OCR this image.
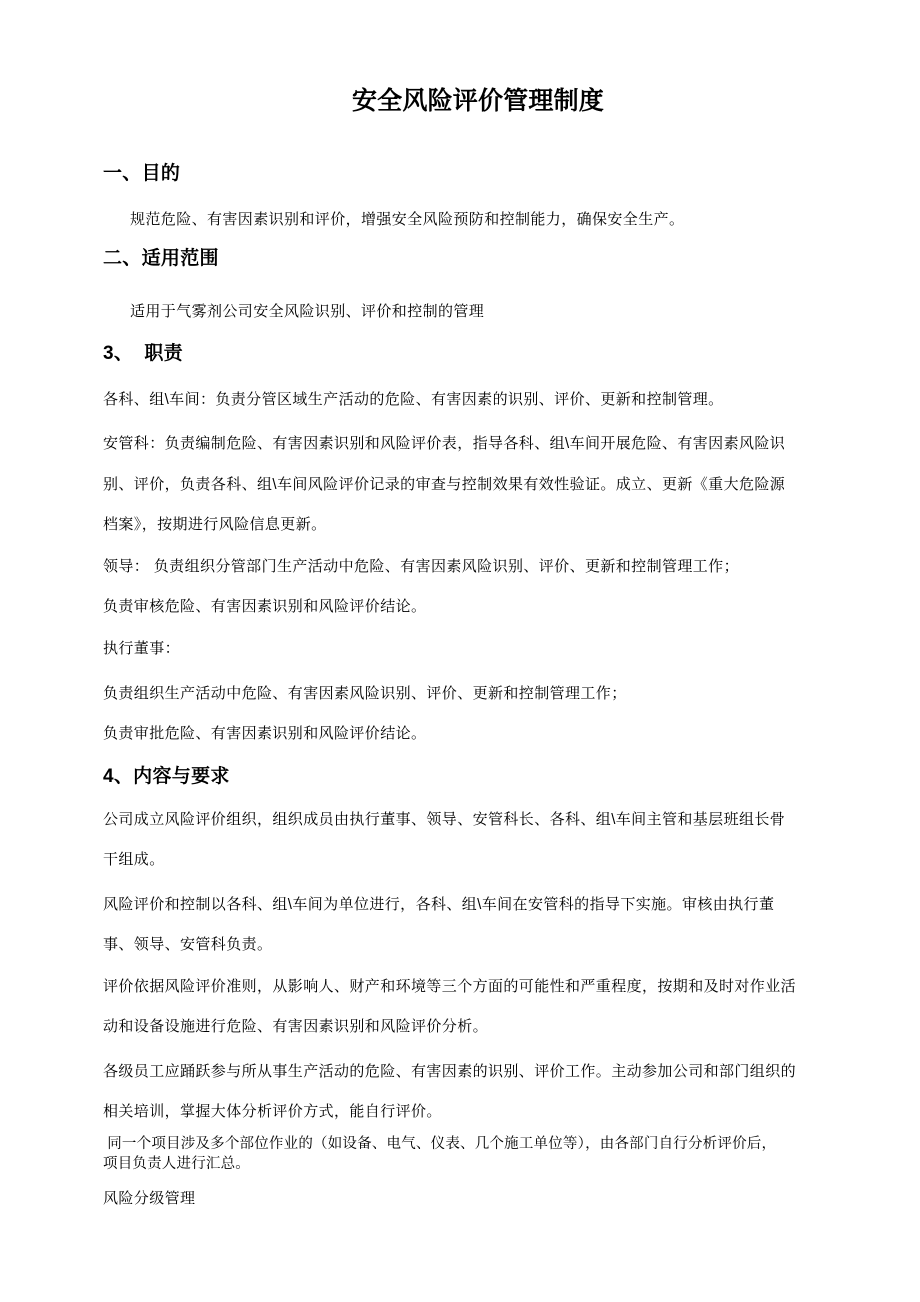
安全风险评价管理制度
一、目的
规范危险、有害因素识别和评价，增强安全风险预防和控制能力，确保安全生产。
二、适用范围
适用于气雾剂公司安全风险识别、评价和控制的管理
3、  职责
各科、组\车间：负责分管区域生产活动的危险、有害因素的识别、评价、更新和控制管理。
安管科：负责编制危险、有害因素识别和风险评价表，指导各科、组\车间开展危险、有害因素风险识
别、评价，负责各科、组\车间风险评价记录的审查与控制效果有效性验证。成立、更新《重大危险源
档案》，按期进行风险信息更新。
领导： 负责组织分管部门生产活动中危险、有害因素风险识别、评价、更新和控制管理工作；
负责审核危险、有害因素识别和风险评价结论。
执行董事：
负责组织生产活动中危险、有害因素风险识别、评价、更新和控制管理工作；
负责审批危险、有害因素识别和风险评价结论。
4、内容与要求
公司成立风险评价组织，组织成员由执行董事、领导、安管科长、各科、组\车间主管和基层班组长骨
干组成。
风险评价和控制以各科、组\车间为单位进行，各科、组\车间在安管科的指导下实施。审核由执行董
事、领导、安管科负责。
评价依据风险评价准则，从影响人、财产和环境等三个方面的可能性和严重程度，按期和及时对作业活
动和设备设施进行危险、有害因素识别和风险评价分析。
各级员工应踊跃参与所从事生产活动的危险、有害因素的识别、评价工作。主动参加公司和部门组织的
相关培训，掌握大体分析评价方式，能自行评价。
同一个项目涉及多个部位作业的（如设备、电气、仪表、几个施工单位等），由各部门自行分析评价后，
项目负责人进行汇总。
风险分级管理
